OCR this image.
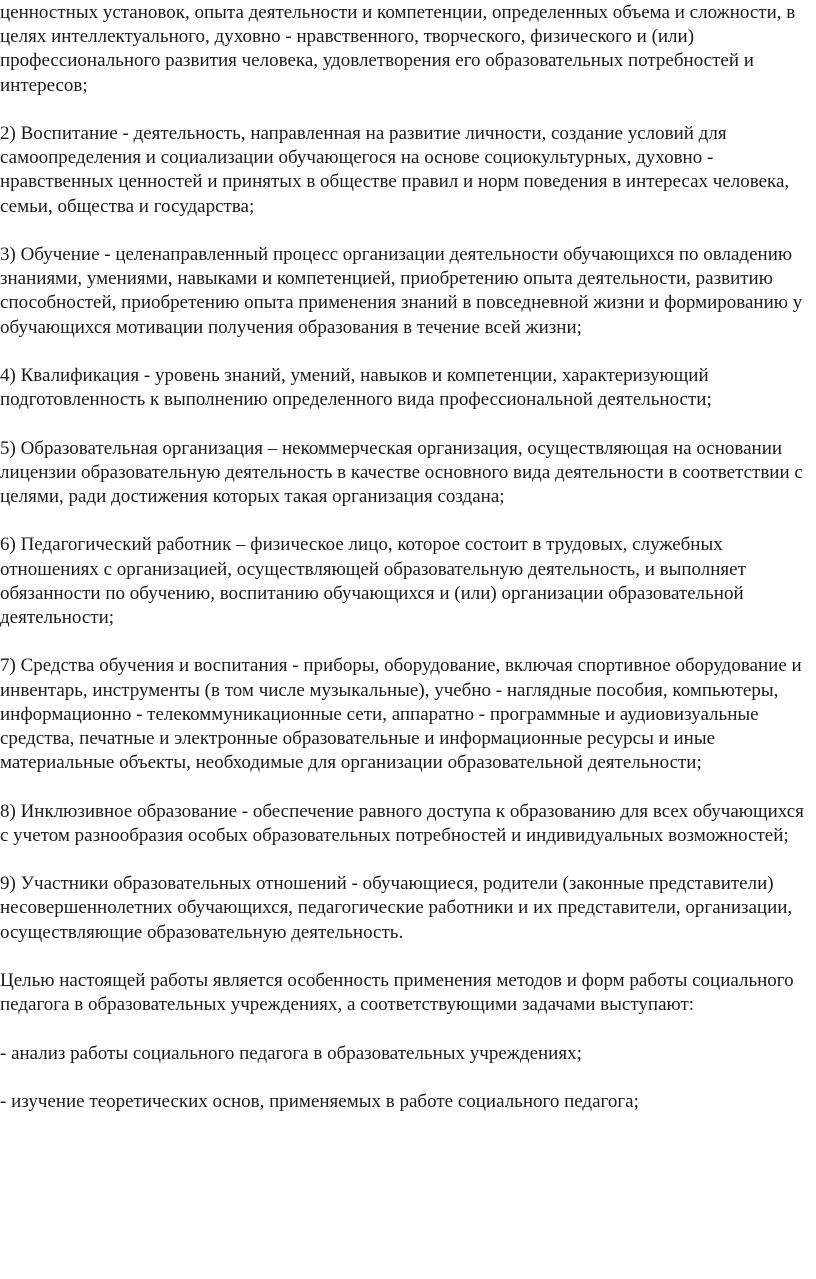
ценностных установок, опыта деятельности и компетенции, определенных объема и сложности, в целях интеллектуального, духовно - нравственного, творческого, физического и (или) профессионального развития человека, удовлетворения его образовательных потребностей и интересов;

2) Воспитание - деятельность, направленная на развитие личности, создание условий для самоопределения и социализации обучающегося на основе социокультурных, духовно - нравственных ценностей и принятых в обществе правил и норм поведения в интересах человека, семьи, общества и государства;

3) Обучение - целенаправленный процесс организации деятельности обучающихся по овладению знаниями, умениями, навыками и компетенцией, приобретению опыта деятельности, развитию способностей, приобретению опыта применения знаний в повседневной жизни и формированию у обучающихся мотивации получения образования в течение всей жизни;

4) Квалификация - уровень знаний, умений, навыков и компетенции, характеризующий подготовленность к выполнению определенного вида профессиональной деятельности;

5) Образовательная организация – некоммерческая организация, осуществляющая на основании лицензии образовательную деятельность в качестве основного вида деятельности в соответствии с целями, ради достижения которых такая организация создана;

6) Педагогический работник – физическое лицо, которое состоит в трудовых, служебных отношениях с организацией, осуществляющей образовательную деятельность, и выполняет обязанности по обучению, воспитанию обучающихся и (или) организации образовательной деятельности;

7) Средства обучения и воспитания - приборы, оборудование, включая спортивное оборудование и инвентарь, инструменты (в том числе музыкальные), учебно - наглядные пособия, компьютеры, информационно - телекоммуникационные сети, аппаратно - программные и аудиовизуальные средства, печатные и электронные образовательные и информационные ресурсы и иные материальные объекты, необходимые для организации образовательной деятельности;

8) Инклюзивное образование - обеспечение равного доступа к образованию для всех обучающихся с учетом разнообразия особых образовательных потребностей и индивидуальных возможностей;

9) Участники образовательных отношений - обучающиеся, родители (законные представители) несовершеннолетних обучающихся, педагогические работники и их представители, организации, осуществляющие образовательную деятельность.

Целью настоящей работы является особенность применения методов и форм работы социального педагога в образовательных учреждениях, а соответствующими задачами выступают:

- анализ работы социального педагога в образовательных учреждениях;

- изучение теоретических основ, применяемых в работе социального педагога;
